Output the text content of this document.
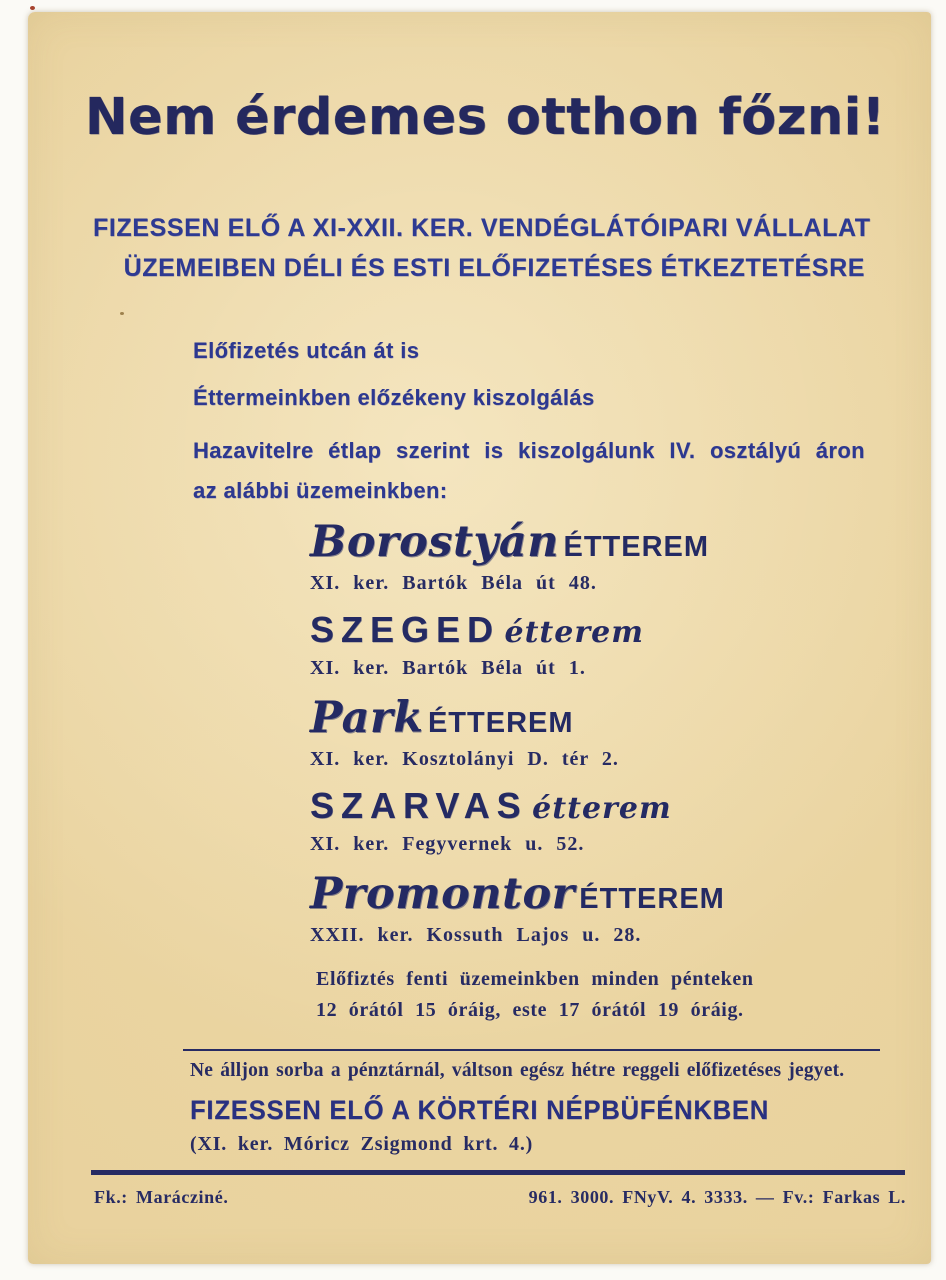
Nem érdemes otthon főzni!
FIZESSEN ELŐ A XI-XXII. KER. VENDÉGLÁTÓIPARI VÁLLALAT
ÜZEMEIBEN DÉLI ÉS ESTI ELŐFIZETÉSES ÉTKEZTETÉSRE
Előfizetés utcán át is
Éttermeinkben előzékeny kiszolgálás
Hazavitelre étlap szerint is kiszolgálunk IV. osztályú áron
az alábbi üzemeinkben:
Borostyán ÉTTEREM
XI. ker. Bartók Béla út 48.
SZEGED étterem
XI. ker. Bartók Béla út 1.
Park ÉTTEREM
XI. ker. Kosztolányi D. tér 2.
SZARVAS étterem
XI. ker. Fegyvernek u. 52.
Promontor ÉTTEREM
XXII. ker. Kossuth Lajos u. 28.
Előfiztés fenti üzemeinkben minden pénteken
12 órától 15 óráig, este 17 órától 19 óráig.
Ne álljon sorba a pénztárnál, váltson egész hétre reggeli előfizetéses jegyet.
FIZESSEN ELŐ A KÖRTÉRI NÉPBÜFÉNKBEN
(XI. ker. Móricz Zsigmond krt. 4.)
Fk.: Marácziné.	961. 3000. FNyV. 4. 3333. — Fv.: Farkas L.
